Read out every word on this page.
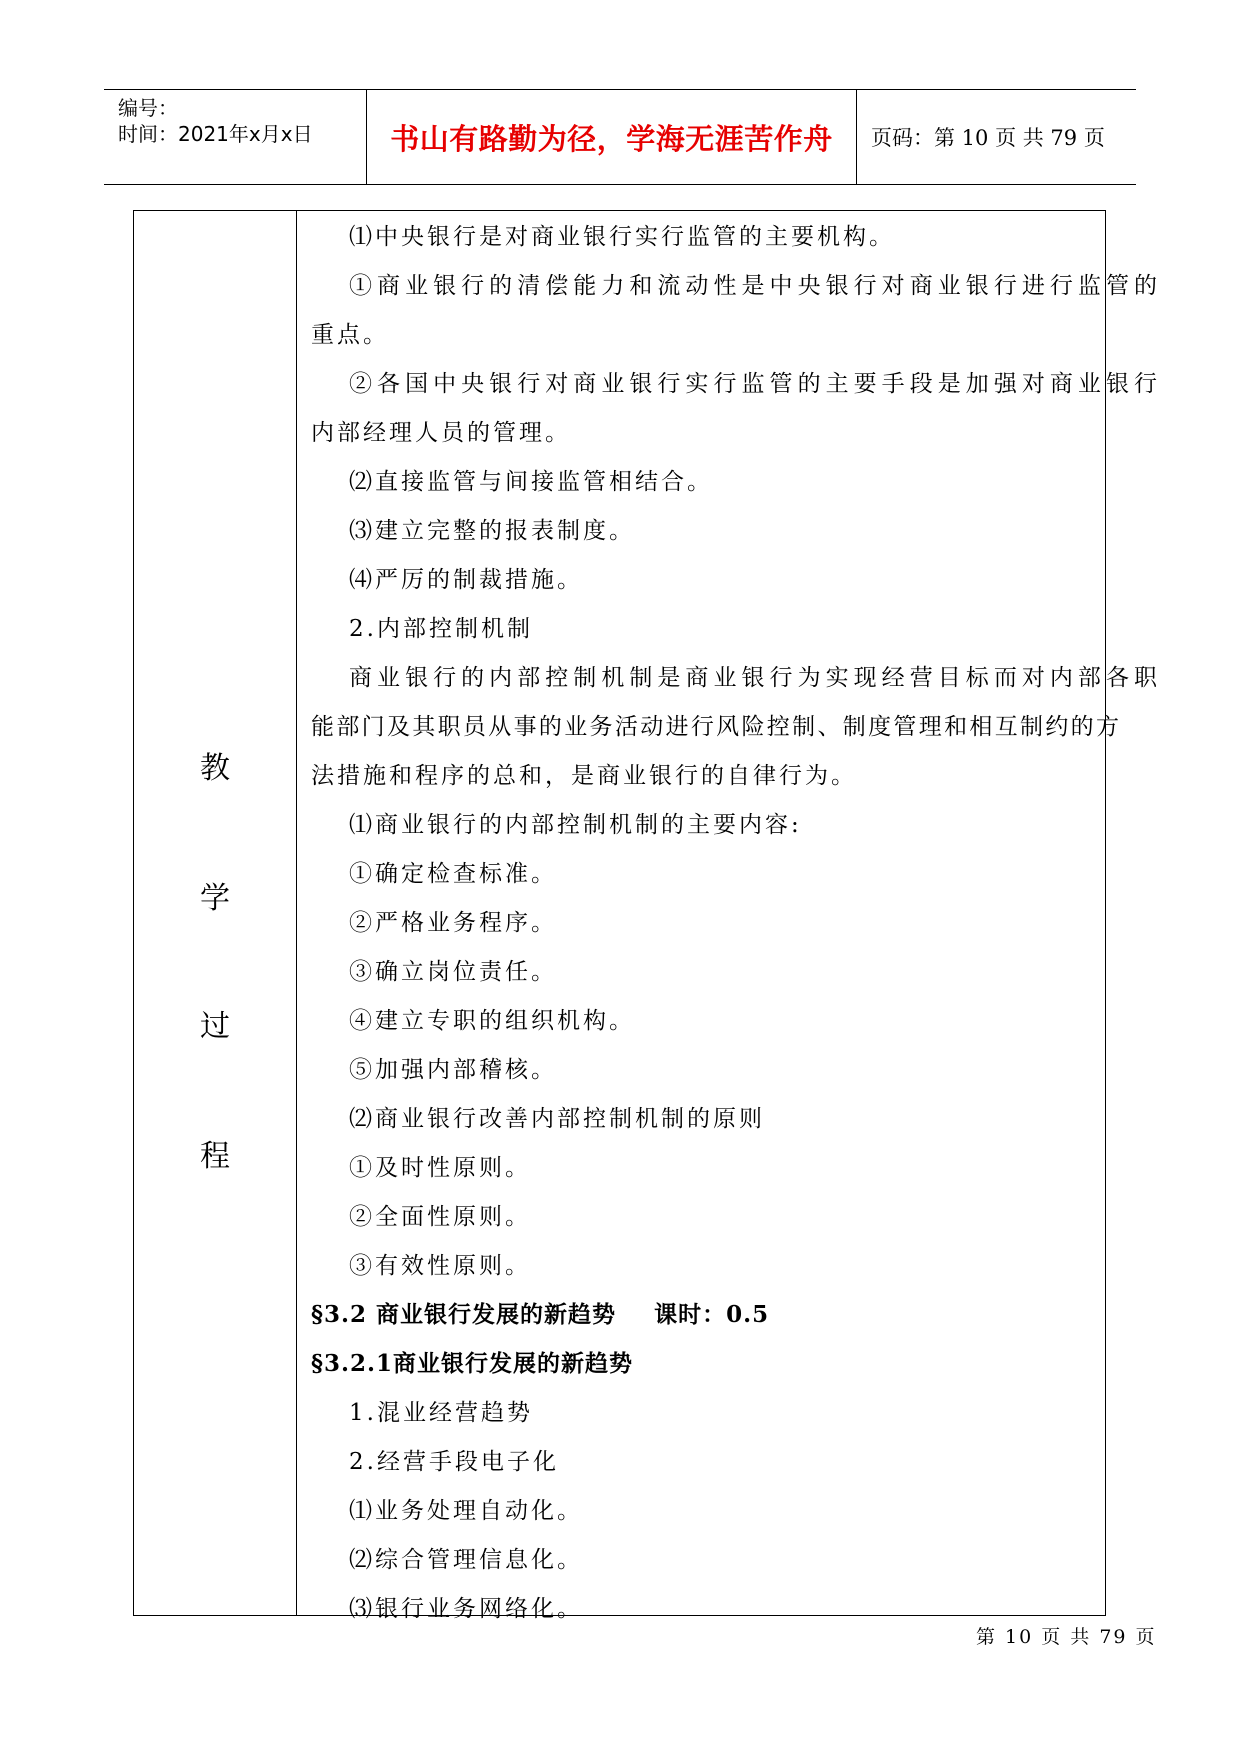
编号：
时间：2021年x月x日	书山有路勤为径，学海无涯苦作舟 页码：第 10 页 共 79 页
教
学
过
程
⑴中央银行是对商业银行实行监管的主要机构。
①商业银行的清偿能力和流动性是中央银行对商业银行进行监管的
重点。
②各国中央银行对商业银行实行监管的主要手段是加强对商业银行
内部经理人员的管理。
⑵直接监管与间接监管相结合。
⑶建立完整的报表制度。
⑷严厉的制裁措施。
2.内部控制机制
商业银行的内部控制机制是商业银行为实现经营目标而对内部各职
能部门及其职员从事的业务活动进行风险控制、制度管理和相互制约的方
法措施和程序的总和，是商业银行的自律行为。
⑴商业银行的内部控制机制的主要内容:
①确定检查标准。
②严格业务程序。
③确立岗位责任。
④建立专职的组织机构。
⑤加强内部稽核。
⑵商业银行改善内部控制机制的原则
①及时性原则。
②全面性原则。
③有效性原则。
§3.2 商业银行发展的新趋势 课时：0.5
§3.2.1商业银行发展的新趋势
1.混业经营趋势
2.经营手段电子化
⑴业务处理自动化。
⑵综合管理信息化。
⑶银行业务网络化。
第 10 页 共 79 页
